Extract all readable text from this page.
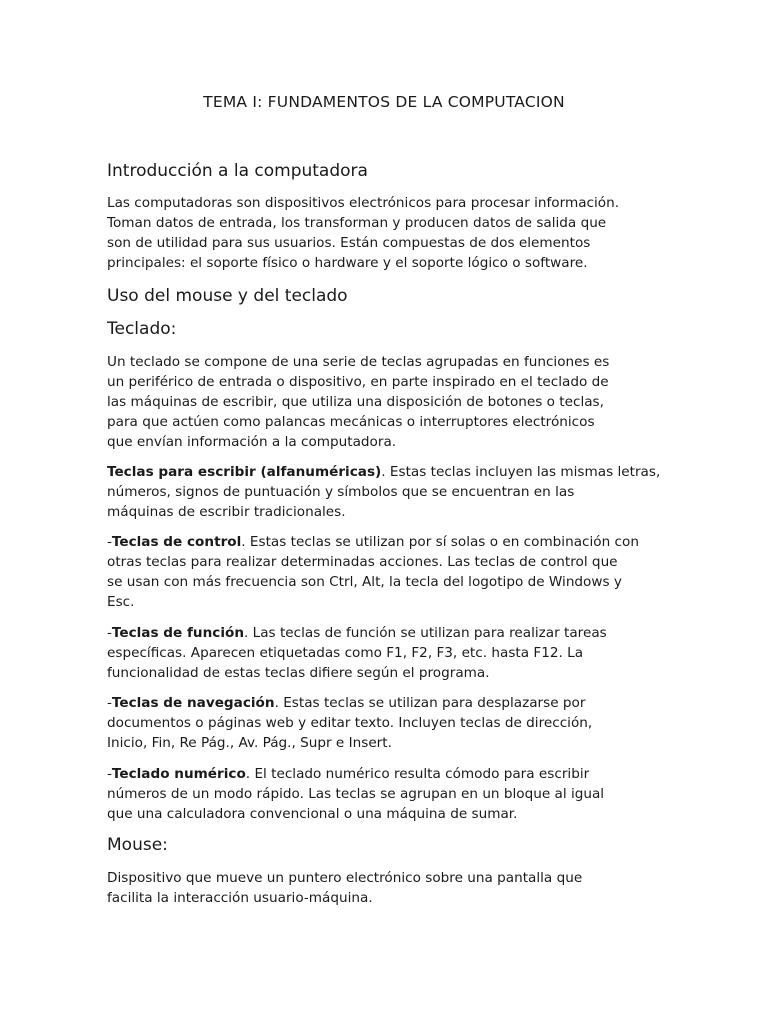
TEMA I: FUNDAMENTOS DE LA COMPUTACION
Introducción a la computadora
Las computadoras son dispositivos electrónicos para procesar información.
Toman datos de entrada, los transforman y producen datos de salida que
son de utilidad para sus usuarios. Están compuestas de dos elementos
principales: el soporte físico o hardware y el soporte lógico o software.
Uso del mouse y del teclado
Teclado:
Un teclado se compone de una serie de teclas agrupadas en funciones es
un periférico de entrada o dispositivo, en parte inspirado en el teclado de
las máquinas de escribir, que utiliza una disposición de botones o teclas,
para que actúen como palancas mecánicas o interruptores electrónicos
que envían información a la computadora.
Teclas para escribir (alfanuméricas). Estas teclas incluyen las mismas letras,
números, signos de puntuación y símbolos que se encuentran en las
máquinas de escribir tradicionales.
-Teclas de control. Estas teclas se utilizan por sí solas o en combinación con
otras teclas para realizar determinadas acciones. Las teclas de control que
se usan con más frecuencia son Ctrl, Alt, la tecla del logotipo de Windows y
Esc.
-Teclas de función. Las teclas de función se utilizan para realizar tareas
específicas. Aparecen etiquetadas como F1, F2, F3, etc. hasta F12. La
funcionalidad de estas teclas difiere según el programa.
-Teclas de navegación. Estas teclas se utilizan para desplazarse por
documentos o páginas web y editar texto. Incluyen teclas de dirección,
Inicio, Fin, Re Pág., Av. Pág., Supr e Insert.
-Teclado numérico. El teclado numérico resulta cómodo para escribir
números de un modo rápido. Las teclas se agrupan en un bloque al igual
que una calculadora convencional o una máquina de sumar.
Mouse:
Dispositivo que mueve un puntero electrónico sobre una pantalla que
facilita la interacción usuario-máquina.
